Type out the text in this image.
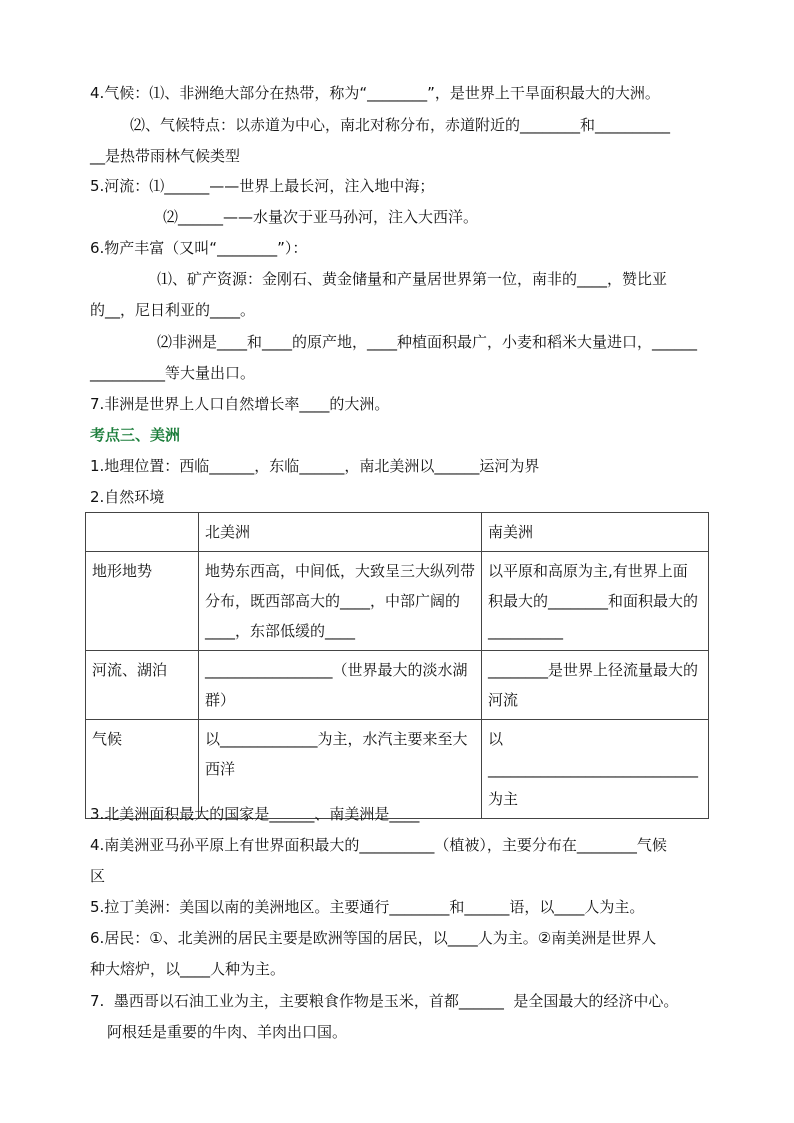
4.气候：⑴、非洲绝大部分在热带，称为“________”，是世界上干旱面积最大的大洲。
⑵、气候特点：以赤道为中心，南北对称分布，赤道附近的________和__________
__是热带雨林气候类型
5.河流：⑴______——世界上最长河，注入地中海；
⑵______——水量次于亚马孙河，注入大西洋。
6.物产丰富（又叫“________”）：
⑴、矿产资源：金刚石、黄金储量和产量居世界第一位，南非的____，赞比亚
的__，尼日利亚的____。
⑵非洲是____和____的原产地，____种植面积最广，小麦和稻米大量进口，______
__________等大量出口。
7.非洲是世界上人口自然增长率____的大洲。
考点三、美洲
1.地理位置：西临______，东临______，南北美洲以______运河为界
2.自然环境
	北美洲	南美洲
地形地势	地势东西高，中间低，大致呈三大纵列带分布，既西部高大的____，中部广阔的____，东部低缓的____	以平原和高原为主,有世界上面积最大的________和面积最大的__________
河流、湖泊	_________________（世界最大的淡水湖群）	________是世界上径流量最大的河流
气候	以_____________为主，水汽主要来至大西洋	以____________________________为主
3.北美洲面积最大的国家是______、南美洲是____
4.南美洲亚马孙平原上有世界面积最大的__________（植被），主要分布在________气候
区
5.拉丁美洲：美国以南的美洲地区。主要通行________和______语，以____人为主。
6.居民：①、北美洲的居民主要是欧洲等国的居民，以____人为主。②南美洲是世界人
种大熔炉，以____人种为主。
7.  墨西哥以石油工业为主，主要粮食作物是玉米，首都______  是全国最大的经济中心。
阿根廷是重要的牛肉、羊肉出口国。
